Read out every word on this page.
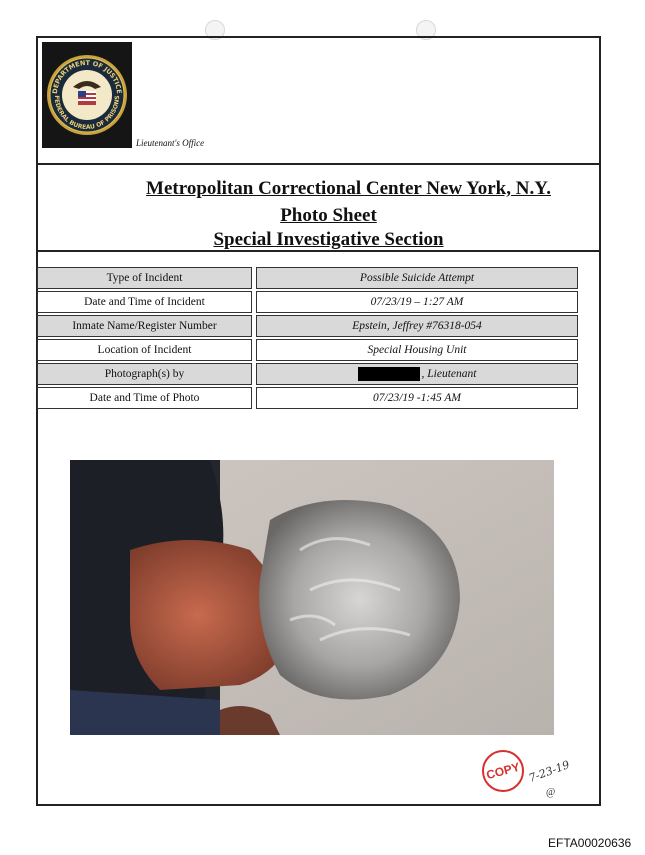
DEPARTMENT OF JUSTICE
FEDERAL BUREAU OF PRISONS
Lieutenant's Office
Metropolitan Correctional Center New York, N.Y.
Photo Sheet
Special Investigative Section
Type of Incident	Possible Suicide Attempt
Date and Time of Incident	07/23/19 – 1:27 AM
Inmate Name/Register Number	Epstein, Jeffrey #76318-054
Location of Incident	Special Housing Unit
Photograph(s) by	, Lieutenant
Date and Time of Photo	07/23/19 -1:45 AM
COPY 7-23-19
@
EFTA00020636
